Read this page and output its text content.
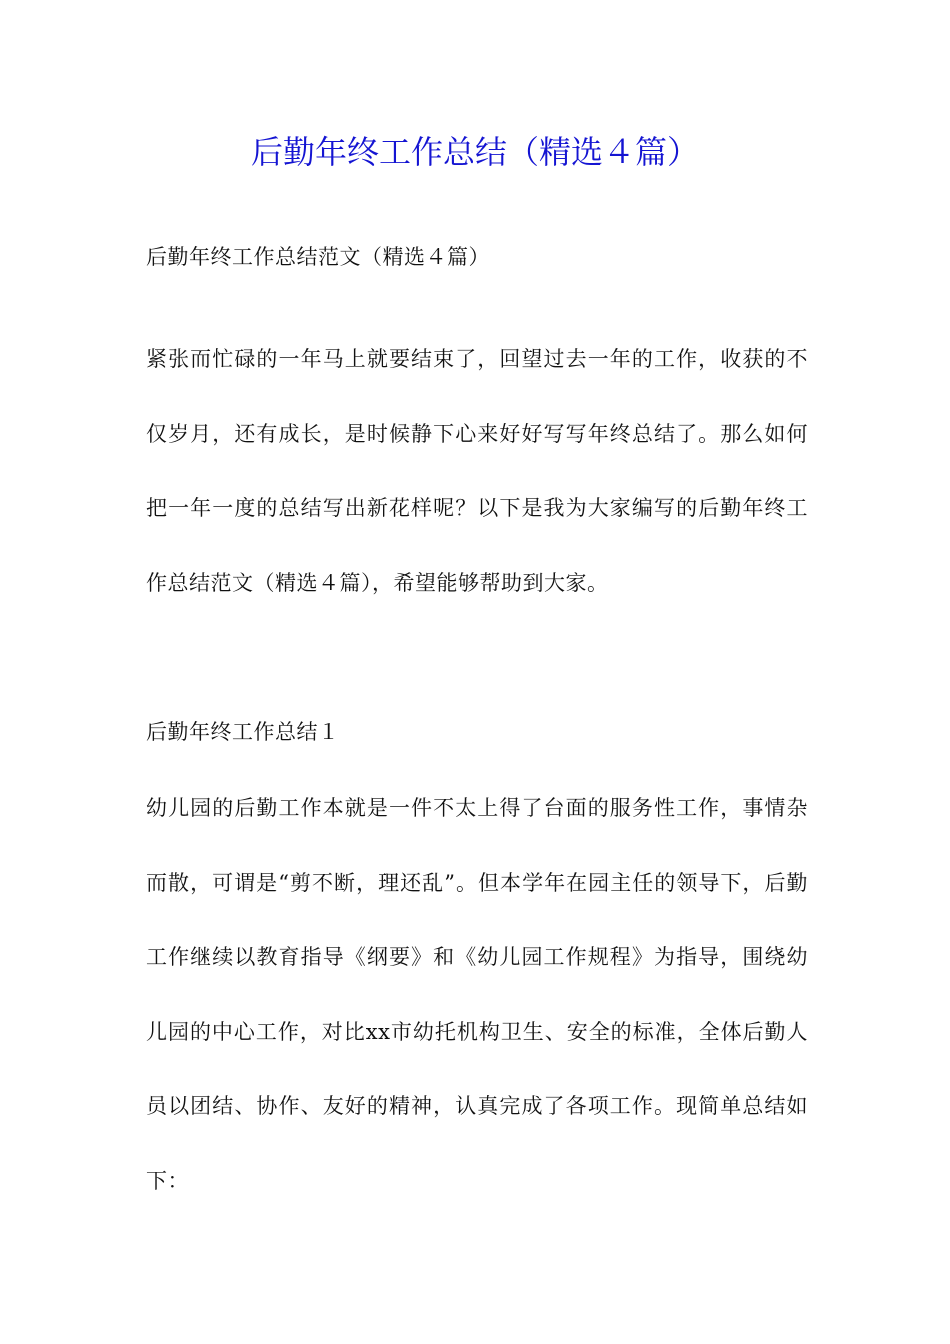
后勤年终工作总结（精选４篇）

后勤年终工作总结范文（精选４篇）

紧张而忙碌的一年马上就要结束了，回望过去一年的工作，收获的不仅岁月，还有成长，是时候静下心来好好写写年终总结了。那么如何把一年一度的总结写出新花样呢？以下是我为大家编写的后勤年终工作总结范文（精选４篇），希望能够帮助到大家。

后勤年终工作总结１

幼儿园的后勤工作本就是一件不太上得了台面的服务性工作，事情杂而散，可谓是“剪不断，理还乱”。但本学年在园主任的领导下，后勤工作继续以教育指导《纲要》和《幼儿园工作规程》为指导，围绕幼儿园的中心工作，对比xx市幼托机构卫生、安全的标准，全体后勤人员以团结、协作、友好的精神，认真完成了各项工作。现简单总结如下：
